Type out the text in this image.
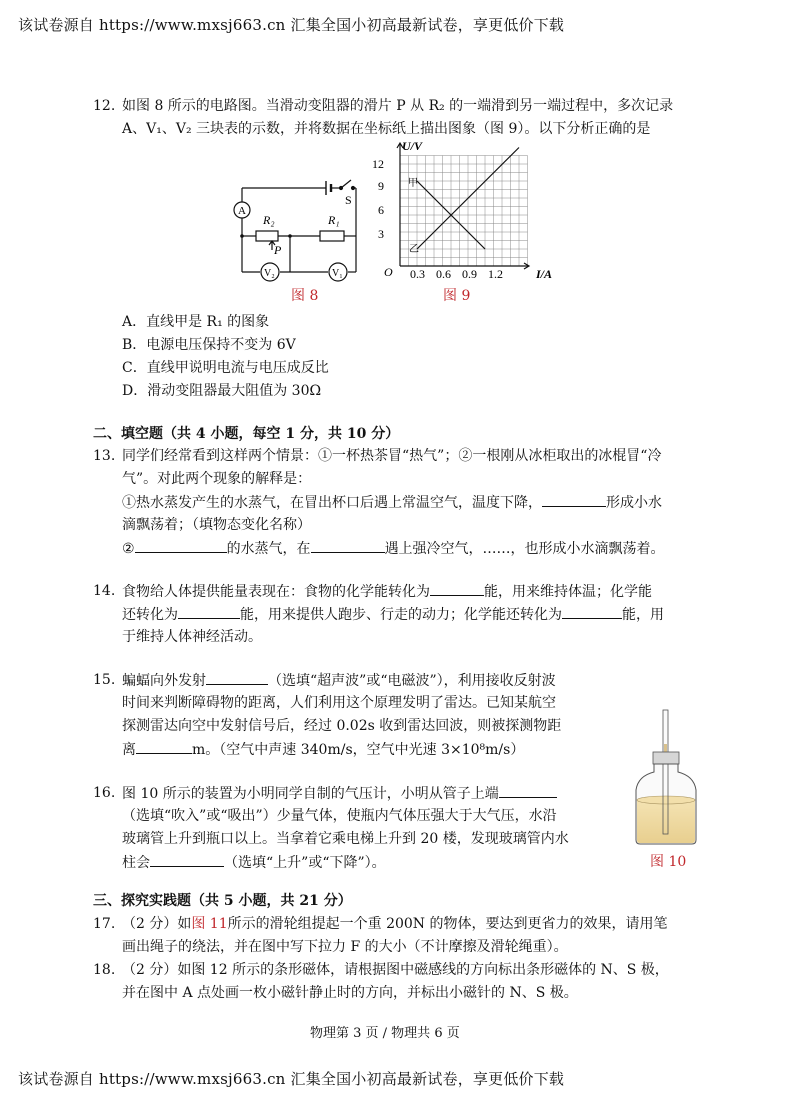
该试卷源自 https://www.mxsj663.cn 汇集全国小初高最新试卷，享更低价下载
12. 如图 8 所示的电路图。当滑动变阻器的滑片 P 从 R₂ 的一端滑到另一端过程中，多次记录
A、V₁、V₂ 三块表的示数，并将数据在坐标纸上描出图象（图 9）。以下分析正确的是
A
S
R₂	R₁
P
V₂	V₁
图 8
U/V
O	I/A
3
6
9
12
0.3 0.6 0.9 1.2
甲
乙
图 9
A．直线甲是 R₁ 的图象
B．电源电压保持不变为 6V
C．直线甲说明电流与电压成反比
D．滑动变阻器最大阻值为 30Ω
二、填空题（共 4 小题，每空 1 分，共 10 分）
13. 同学们经常看到这样两个情景：①一杯热茶冒“热气”；②一根刚从冰柜取出的冰棍冒“冷
气”。对此两个现象的解释是：
①热水蒸发产生的水蒸气，在冒出杯口后遇上常温空气，温度下降，	形成小水
滴飘荡着；（填物态变化名称）
②	的水蒸气，在	遇上强冷空气，……，也形成小水滴飘荡着。
14. 食物给人体提供能量表现在：食物的化学能转化为	能，用来维持体温；化学能
还转化为	能，用来提供人跑步、行走的动力；化学能还转化为	能，用
于维持人体神经活动。
15. 蝙蝠向外发射	（选填“超声波”或“电磁波”），利用接收反射波
时间来判断障碍物的距离，人们利用这个原理发明了雷达。已知某航空
探测雷达向空中发射信号后，经过 0.02s 收到雷达回波，则被探测物距
离	m。（空气中声速 340m/s，空气中光速 3×10⁸m/s）
图 10
16. 图 10 所示的装置为小明同学自制的气压计，小明从管子上端
（选填“吹入”或“吸出”）少量气体，使瓶内气体压强大于大气压，水沿
玻璃管上升到瓶口以上。当拿着它乘电梯上升到 20 楼，发现玻璃管内水
柱会	（选填“上升”或“下降”）。
三、探究实践题（共 5 小题，共 21 分）
17. （2 分）如图 11所示的滑轮组提起一个重 200N 的物体，要达到更省力的效果，请用笔
画出绳子的绕法，并在图中写下拉力 F 的大小（不计摩擦及滑轮绳重）。
18. （2 分）如图 12 所示的条形磁体，请根据图中磁感线的方向标出条形磁体的 N、S 极，
并在图中 A 点处画一枚小磁针静止时的方向，并标出小磁针的 N、S 极。
物理第 3 页 / 物理共 6 页
该试卷源自 https://www.mxsj663.cn 汇集全国小初高最新试卷，享更低价下载
